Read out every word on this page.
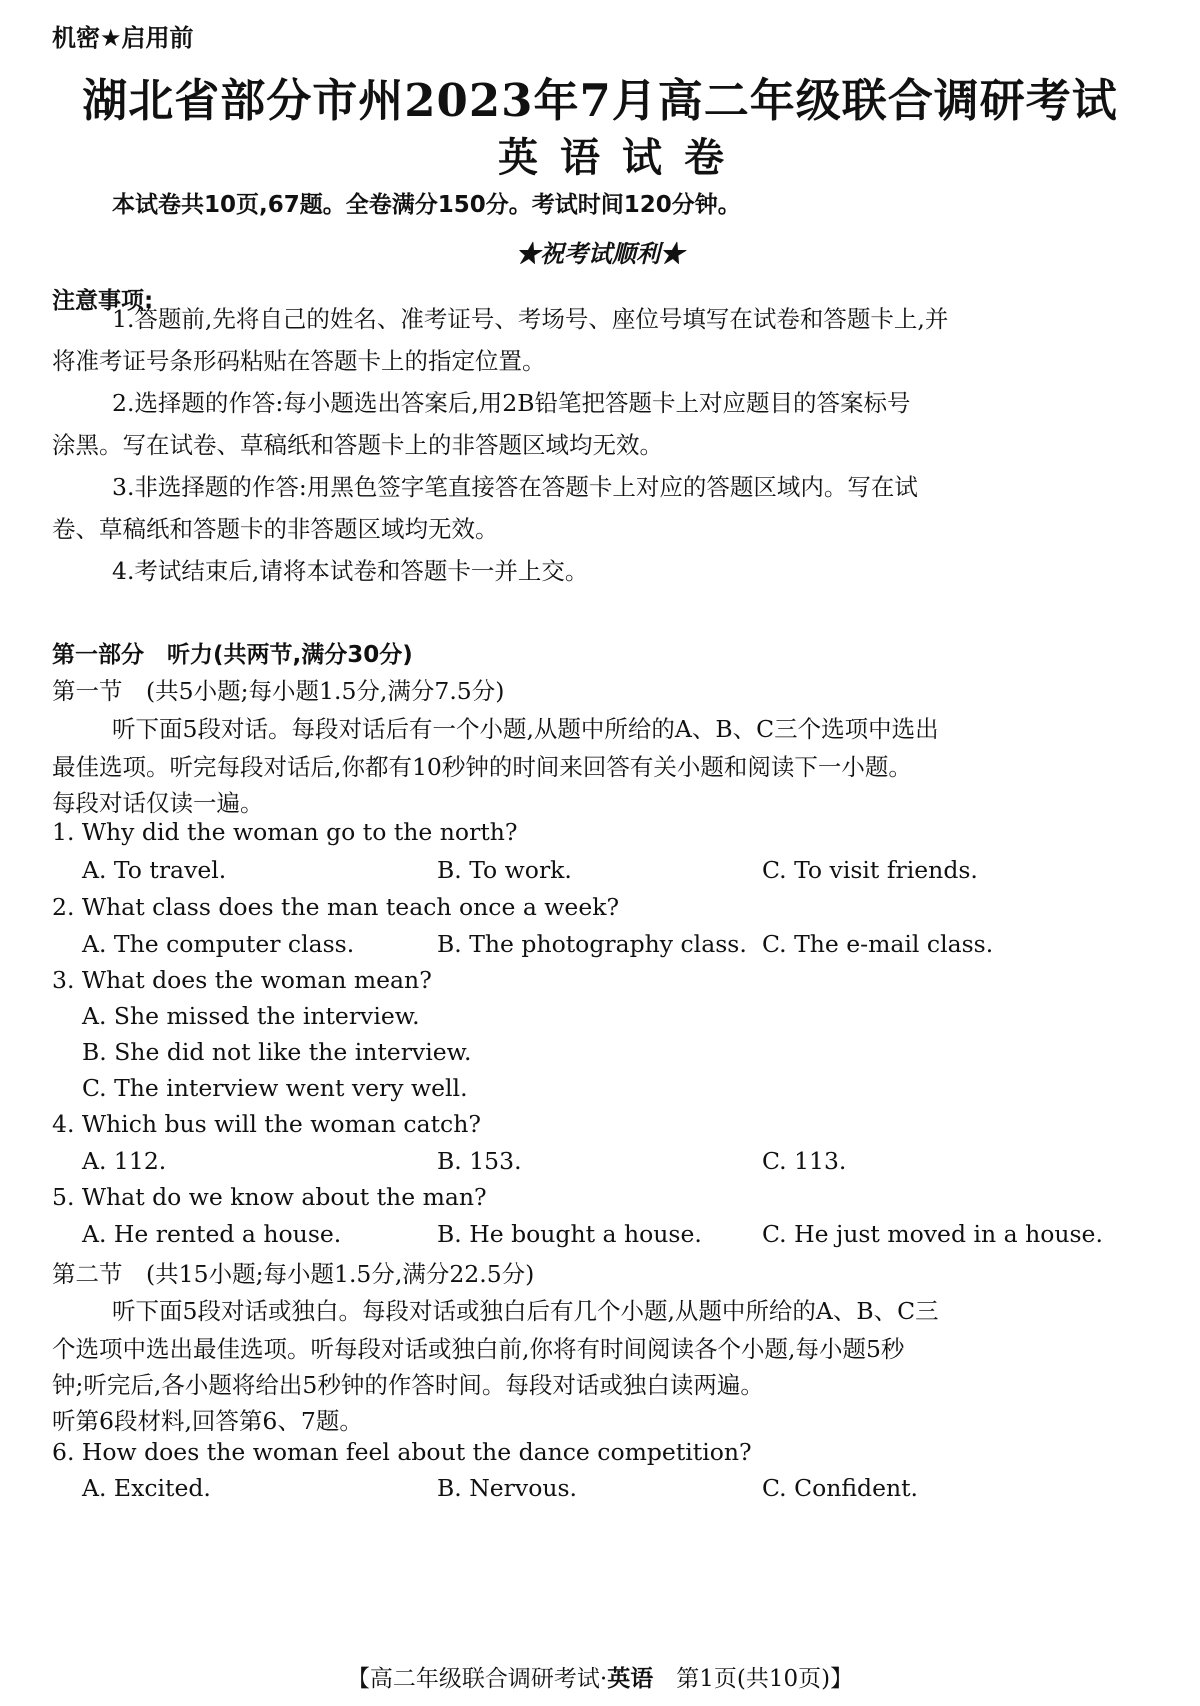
机密★启用前
湖北省部分市州2023年7月高二年级联合调研考试
英语试卷
本试卷共10页,67题。全卷满分150分。考试时间120分钟。
★祝考试顺利★
注意事项:
1.答题前,先将自己的姓名、准考证号、考场号、座位号填写在试卷和答题卡上,并
将准考证号条形码粘贴在答题卡上的指定位置。
2.选择题的作答:每小题选出答案后,用2B铅笔把答题卡上对应题目的答案标号
涂黑。写在试卷、草稿纸和答题卡上的非答题区域均无效。
3.非选择题的作答:用黑色签字笔直接答在答题卡上对应的答题区域内。写在试
卷、草稿纸和答题卡的非答题区域均无效。
4.考试结束后,请将本试卷和答题卡一并上交。
第一部分　听力(共两节,满分30分)
第一节　(共5小题;每小题1.5分,满分7.5分)
听下面5段对话。每段对话后有一个小题,从题中所给的A、B、C三个选项中选出
最佳选项。听完每段对话后,你都有10秒钟的时间来回答有关小题和阅读下一小题。
每段对话仅读一遍。
1. Why did the woman go to the north?
A. To travel.	B. To work.	C. To visit friends.
2. What class does the man teach once a week?
A. The computer class.	B. The photography class. C. The e-mail class.
3. What does the woman mean?
A. She missed the interview.
B. She did not like the interview.
C. The interview went very well.
4. Which bus will the woman catch?
A. 112.	B. 153.	C. 113.
5. What do we know about the man?
A. He rented a house.	B. He bought a house.	C. He just moved in a house.
第二节　(共15小题;每小题1.5分,满分22.5分)
听下面5段对话或独白。每段对话或独白后有几个小题,从题中所给的A、B、C三
个选项中选出最佳选项。听每段对话或独白前,你将有时间阅读各个小题,每小题5秒
钟;听完后,各小题将给出5秒钟的作答时间。每段对话或独白读两遍。
听第6段材料,回答第6、7题。
6. How does the woman feel about the dance competition?
A. Excited.	B. Nervous.	C. Confident.
【高二年级联合调研考试·英语　第1页(共10页)】
